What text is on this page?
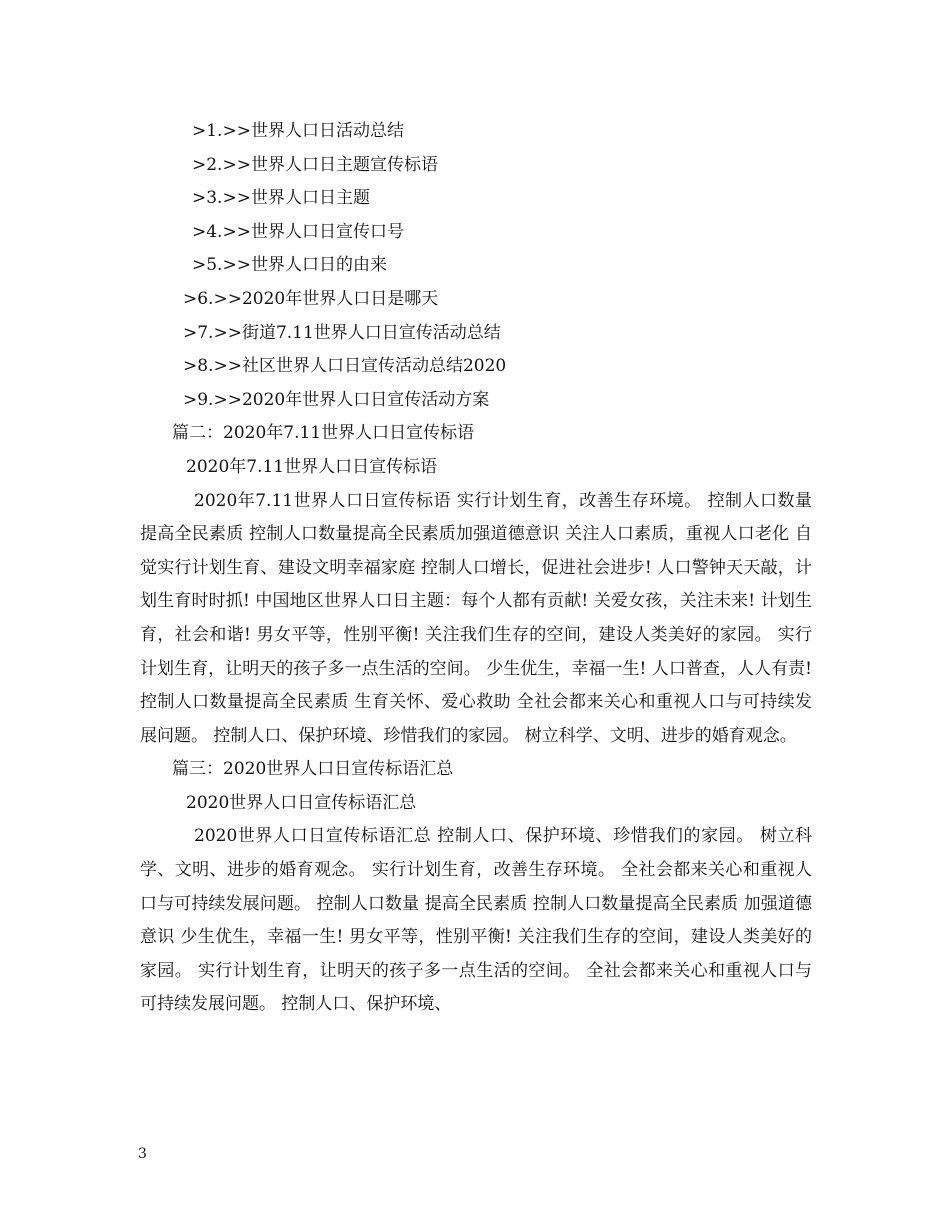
>1.>>世界人口日活动总结
>2.>>世界人口日主题宣传标语
>3.>>世界人口日主题
>4.>>世界人口日宣传口号
>5.>>世界人口日的由来
>6.>>2020年世界人口日是哪天
>7.>>街道7.11世界人口日宣传活动总结
>8.>>社区世界人口日宣传活动总结2020
>9.>>2020年世界人口日宣传活动方案
篇二：2020年7.11世界人口日宣传标语
2020年7.11世界人口日宣传标语

2020年7.11世界人口日宣传标语 实行计划生育，改善生存环境。 控制人口数量提高全民素质 控制人口数量提高全民素质加强道德意识 关注人口素质，重视人口老化 自觉实行计划生育、建设文明幸福家庭 控制人口增长，促进社会进步! 人口警钟天天敲，计划生育时时抓! 中国地区世界人口日主题：每个人都有贡献! 关爱女孩，关注未来! 计划生育，社会和谐! 男女平等，性别平衡! 关注我们生存的空间，建设人类美好的家园。 实行计划生育，让明天的孩子多一点生活的空间。 少生优生，幸福一生! 人口普查，人人有责! 控制人口数量提高全民素质 生育关怀、爱心救助 全社会都来关心和重视人口与可持续发展问题。 控制人口、保护环境、珍惜我们的家园。 树立科学、文明、进步的婚育观念。

篇三：2020世界人口日宣传标语汇总
2020世界人口日宣传标语汇总

2020世界人口日宣传标语汇总 控制人口、保护环境、珍惜我们的家园。 树立科学、文明、进步的婚育观念。 实行计划生育，改善生存环境。 全社会都来关心和重视人口与可持续发展问题。 控制人口数量 提高全民素质 控制人口数量提高全民素质 加强道德意识 少生优生，幸福一生! 男女平等，性别平衡! 关注我们生存的空间，建设人类美好的家园。 实行计划生育，让明天的孩子多一点生活的空间。 全社会都来关心和重视人口与可持续发展问题。 控制人口、保护环境、

3
